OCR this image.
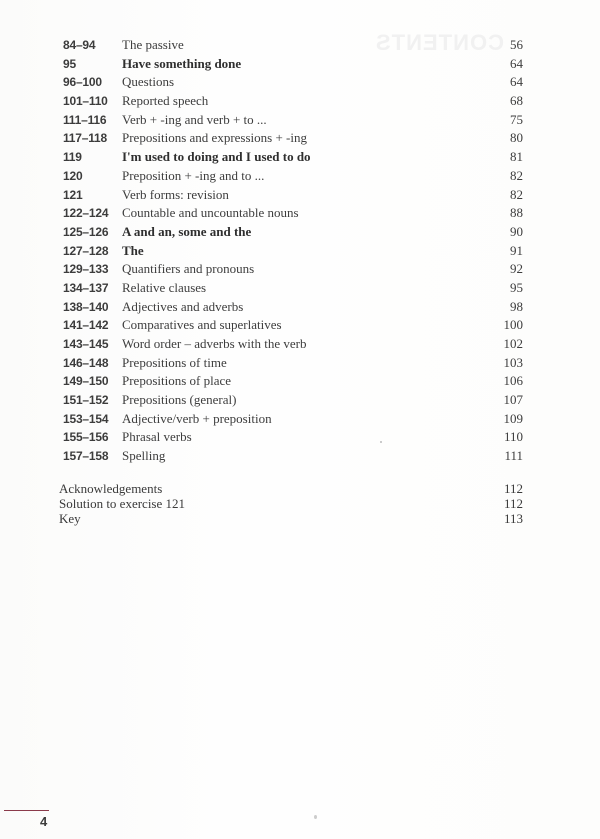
CONTENTS
84–94 The passive	56
95	Have something done	64
96–100 Questions	64
101–110 Reported speech	68
111–116 Verb + -ing and verb + to ...	75
117–118 Prepositions and expressions + -ing	80
119	I'm used to doing and I used to do	81
120	Preposition + -ing and to ...	82
121	Verb forms: revision	82
122–124 Countable and uncountable nouns	88
125–126 A and an, some and the	90
127–128 The	91
129–133 Quantifiers and pronouns	92
134–137 Relative clauses	95
138–140 Adjectives and adverbs	98
141–142 Comparatives and superlatives	100
143–145 Word order – adverbs with the verb	102
146–148 Prepositions of time	103
149–150 Prepositions of place	106
151–152 Prepositions (general)	107
153–154 Adjective/verb + preposition	109
155–156 Phrasal verbs	110
157–158 Spelling	111
Acknowledgements	112
Solution to exercise 121	112
Key	113
4
